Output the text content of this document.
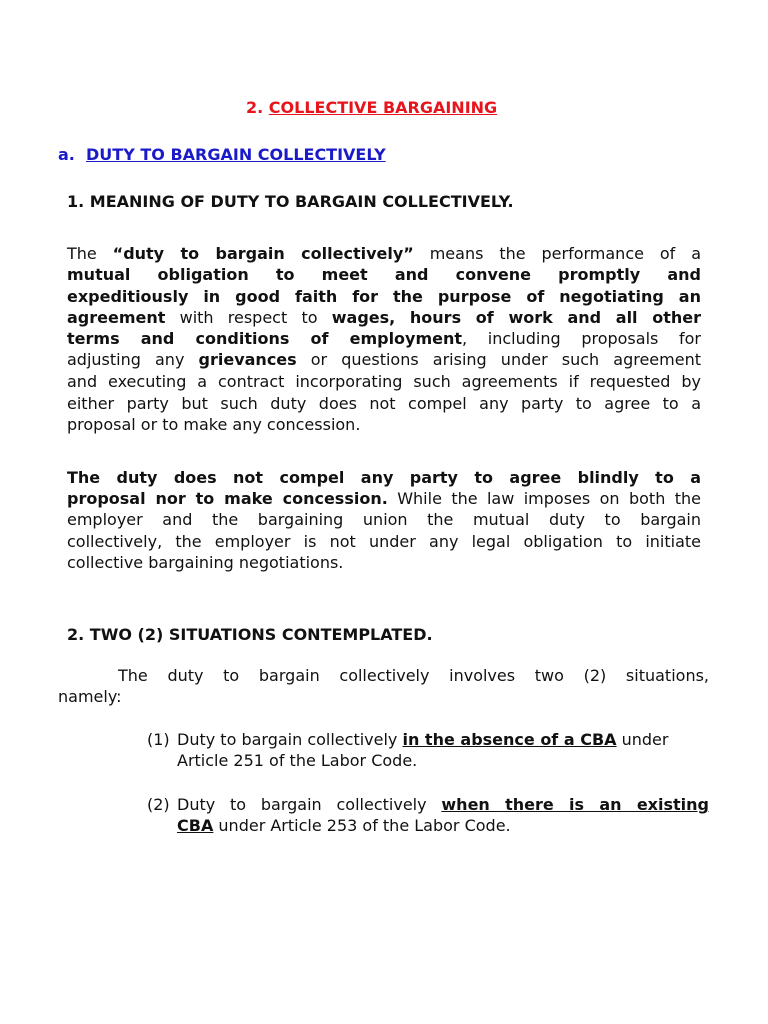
2. COLLECTIVE BARGAINING
a. DUTY TO BARGAIN COLLECTIVELY
1. MEANING OF DUTY TO BARGAIN COLLECTIVELY.
The “duty to bargain collectively” means the performance of a
mutual obligation to meet and convene promptly and
expeditiously in good faith for the purpose of negotiating an
agreement with respect to wages, hours of work and all other
terms and conditions of employment, including proposals for
adjusting any grievances or questions arising under such agreement
and executing a contract incorporating such agreements if requested by
either party but such duty does not compel any party to agree to a
proposal or to make any concession.
The duty does not compel any party to agree blindly to a
proposal nor to make concession. While the law imposes on both the
employer and the bargaining union the mutual duty to bargain
collectively, the employer is not under any legal obligation to initiate
collective bargaining negotiations.
2. TWO (2) SITUATIONS CONTEMPLATED.
The duty to bargain collectively involves two (2) situations,
namely:
(1) Duty to bargain collectively in the absence of a CBA under
Article 251 of the Labor Code.
(2) Duty to bargain collectively when there is an existing
CBA under Article 253 of the Labor Code.
